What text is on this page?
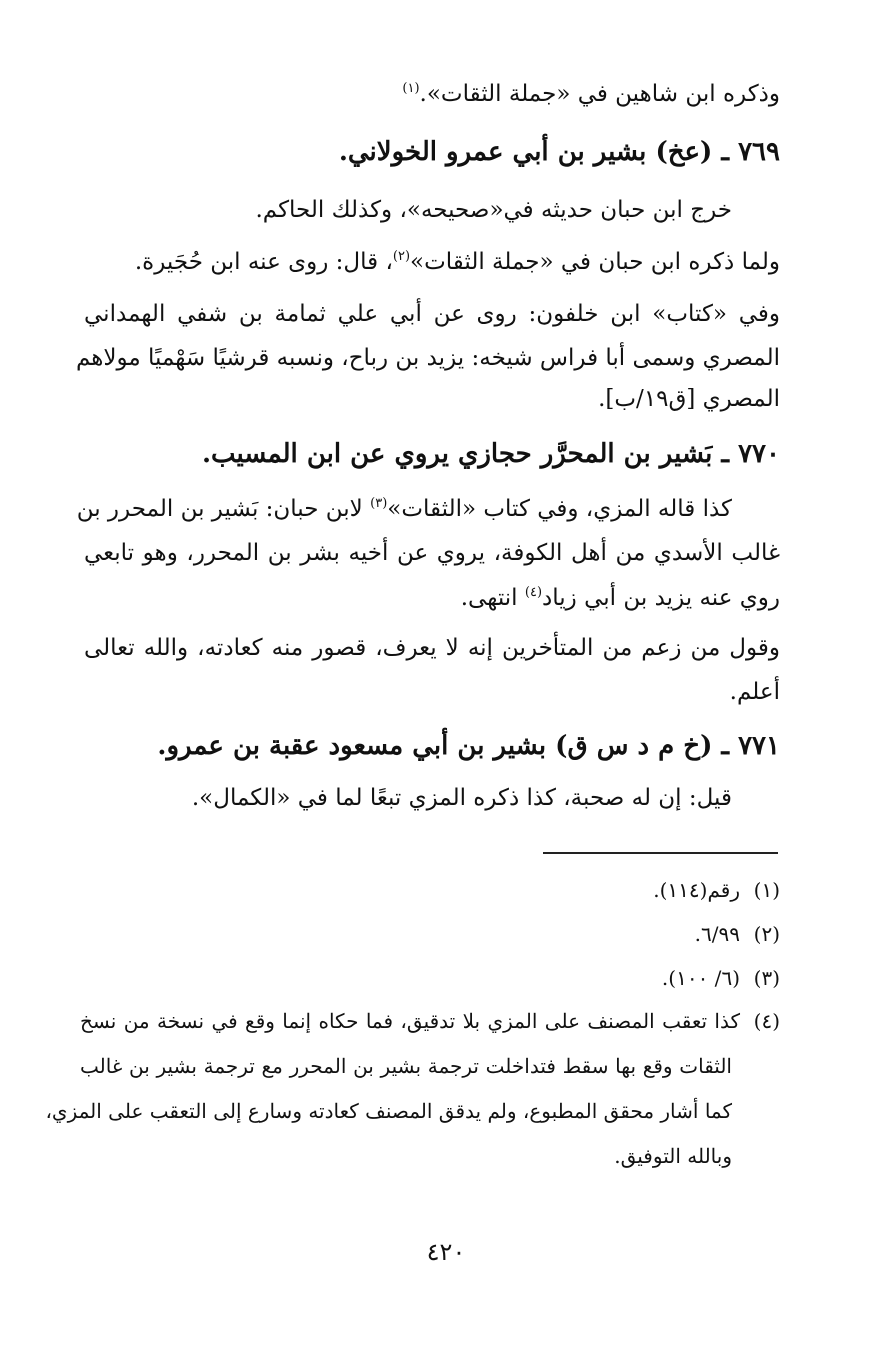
وذكره ابن شاهين في «جملة الثقات».$^{(١)}$
٧٦٩ ـ (عخ) بشير بن أبي عمرو الخولاني.
خرج ابن حبان حديثه في«صحيحه»، وكذلك الحاكم.
ولما ذكره ابن حبان في «جملة الثقات»$^{(٢)}$، قال: روى عنه ابن حُجَيرة.
وفي «كتاب» ابن خلفون: روى عن أبي علي ثمامة بن شفي الهمداني
المصري وسمى أبا فراس شيخه: يزيد بن رباح، ونسبه قرشيًا سَهْميًا مولاهم
المصري [ق١٩/ب].
٧٧٠ ـ بَشير بن المحرَّر حجازي يروي عن ابن المسيب.
كذا قاله المزي، وفي كتاب «الثقات»$^{(٣)}$ لابن حبان: بَشير بن المحرر بن
غالب الأسدي من أهل الكوفة، يروي عن أخيه بشر بن المحرر، وهو تابعي
روي عنه يزيد بن أبي زياد$^{(٤)}$ انتهى.
وقول من زعم من المتأخرين إنه لا يعرف، قصور منه كعادته، والله تعالى
أعلم.
٧٧١ ـ (خ م د س ق) بشير بن أبي مسعود عقبة بن عمرو.
قيل: إن له صحبة، كذا ذكره المزي تبعًا لما في «الكمال».
(١)رقم(١١٤).
(٢)٦/٩٩.
(٣)(٦/ ١٠٠).
(٤)كذا تعقب المصنف على المزي بلا تدقيق، فما حكاه إنما وقع في نسخة من نسخ
الثقات وقع بها سقط فتداخلت ترجمة بشير بن المحرر مع ترجمة بشير بن غالب
كما أشار محقق المطبوع، ولم يدقق المصنف كعادته وسارع إلى التعقب على المزي،
وبالله التوفيق.
٤٢٠
